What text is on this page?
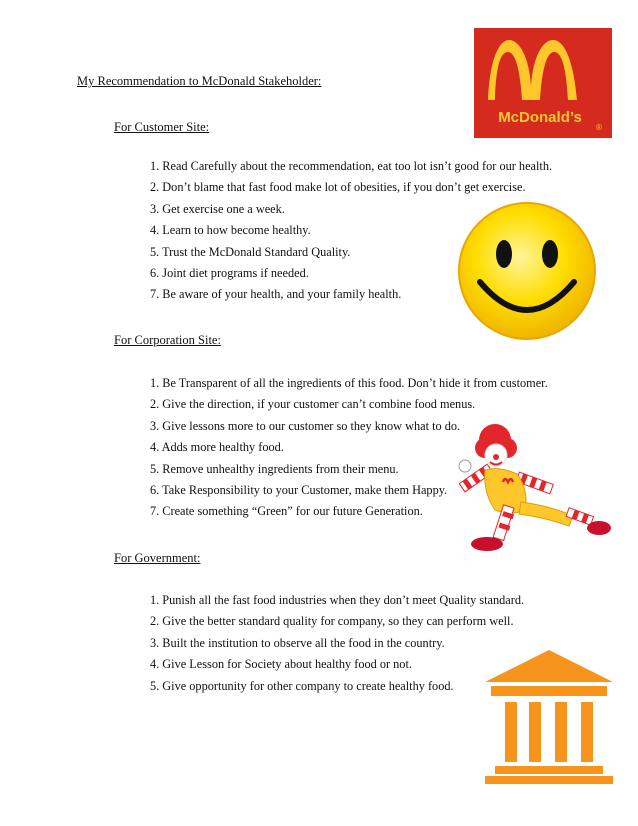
My Recommendation to McDonald Stakeholder:
For Customer Site:
1. Read Carefully about the recommendation, eat too lot isn’t good for our health.
2. Don’t blame that fast food make lot of obesities, if you don’t get exercise.
3. Get exercise one a week.
4. Learn to how become healthy.
5. Trust the McDonald Standard Quality.
6. Joint diet programs if needed.
7. Be aware of your health, and your family health.
For Corporation Site:
1. Be Transparent of all the ingredients of this food. Don’t hide it from customer.
2. Give the direction, if your customer can’t combine food menus.
3. Give lessons more to our customer so they know what to do.
4. Adds more healthy food.
5. Remove unhealthy ingredients from their menu.
6. Take Responsibility to your Customer, make them Happy.
7. Create something “Green” for our future Generation.
For Government:
1. Punish all the fast food industries when they don’t meet Quality standard.
2. Give the better standard quality for company, so they can perform well.
3. Built the institution to observe all the food in the country.
4. Give Lesson for Society about healthy food or not.
5. Give opportunity for other company to create healthy food.
McDonald’s
®
